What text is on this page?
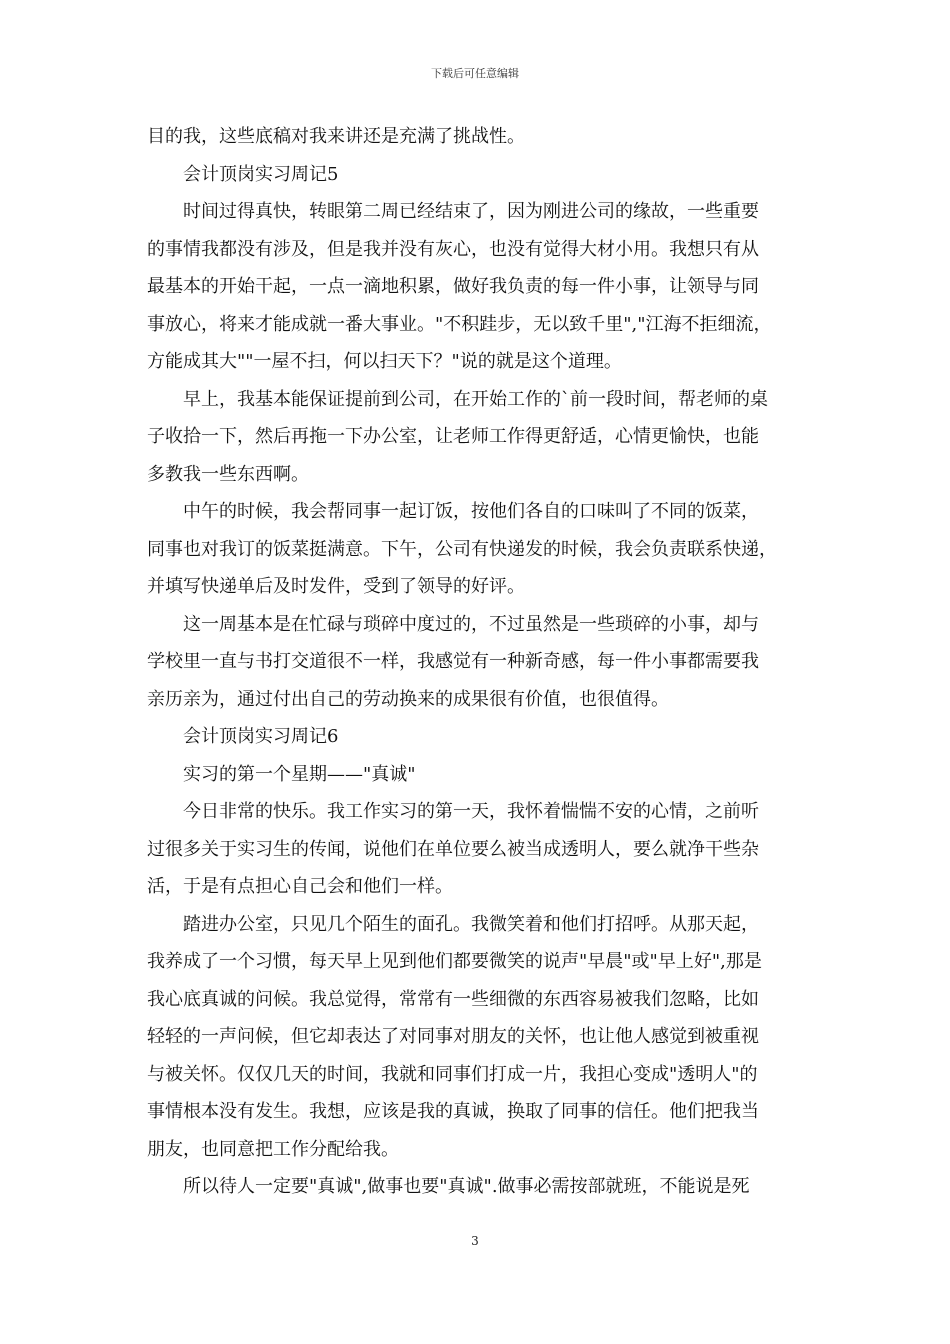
下载后可任意编辑
目的我，这些底稿对我来讲还是充满了挑战性。
会计顶岗实习周记5
时间过得真快，转眼第二周已经结束了，因为刚进公司的缘故，一些重要
的事情我都没有涉及，但是我并没有灰心，也没有觉得大材小用。我想只有从
最基本的开始干起，一点一滴地积累，做好我负责的每一件小事，让领导与同
事放心，将来才能成就一番大事业。"不积跬步，无以致千里","江海不拒细流，
方能成其大""一屋不扫，何以扫天下？"说的就是这个道理。
早上，我基本能保证提前到公司，在开始工作的`前一段时间，帮老师的桌
子收拾一下，然后再拖一下办公室，让老师工作得更舒适，心情更愉快，也能
多教我一些东西啊。
中午的时候，我会帮同事一起订饭，按他们各自的口味叫了不同的饭菜，
同事也对我订的饭菜挺满意。下午，公司有快递发的时候，我会负责联系快递，
并填写快递单后及时发件，受到了领导的好评。
这一周基本是在忙碌与琐碎中度过的，不过虽然是一些琐碎的小事，却与
学校里一直与书打交道很不一样，我感觉有一种新奇感，每一件小事都需要我
亲历亲为，通过付出自己的劳动换来的成果很有价值，也很值得。
会计顶岗实习周记6
实习的第一个星期——"真诚"
今日非常的快乐。我工作实习的第一天，我怀着惴惴不安的心情，之前听
过很多关于实习生的传闻，说他们在单位要么被当成透明人，要么就净干些杂
活，于是有点担心自己会和他们一样。
踏进办公室，只见几个陌生的面孔。我微笑着和他们打招呼。从那天起，
我养成了一个习惯，每天早上见到他们都要微笑的说声"早晨"或"早上好",那是
我心底真诚的问候。我总觉得，常常有一些细微的东西容易被我们忽略，比如
轻轻的一声问候，但它却表达了对同事对朋友的关怀，也让他人感觉到被重视
与被关怀。仅仅几天的时间，我就和同事们打成一片，我担心变成"透明人"的
事情根本没有发生。我想，应该是我的真诚，换取了同事的信任。他们把我当
朋友，也同意把工作分配给我。
所以待人一定要"真诚",做事也要"真诚".做事必需按部就班，不能说是死
3
